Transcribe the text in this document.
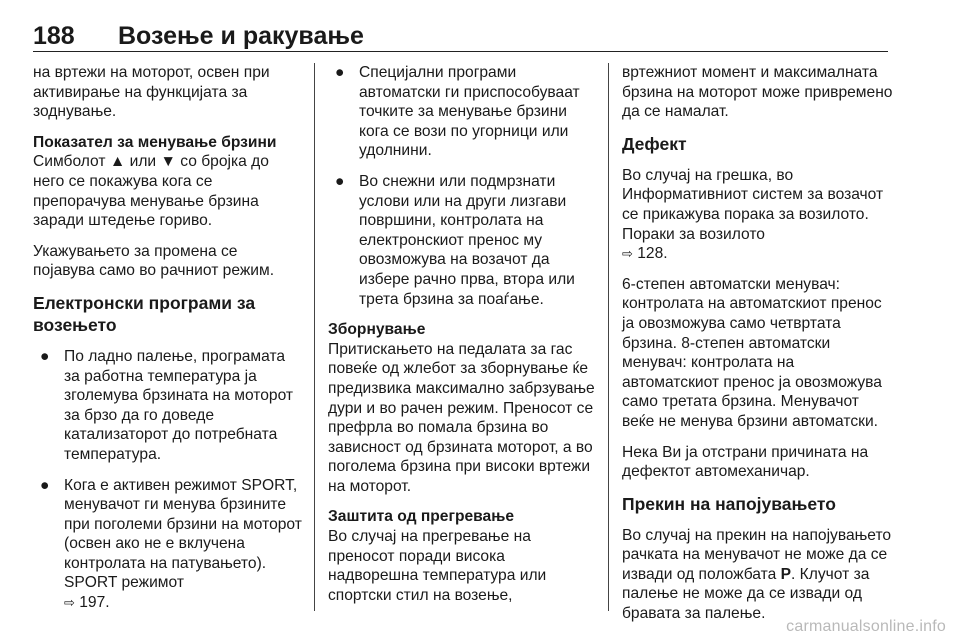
188 Возење и ракување

на вртежи на моторот, освен при активирање на функцијата за зоднување.

Показател за менување брзини

Симболот ▲ или ▼ со бројка до него се покажува кога се препорачува менување брзина заради штедење гориво.

Укажувањето за промена се појавува само во рачниот режим.

Електронски програми за возењето
● По ладно палење, програмата за работна температура ја зголемува брзината на моторот за брзо да го доведе катализаторот до потребната температура.
● Кога е активен режимот SPORT, менувачот ги менува брзините при поголеми брзини на моторот (освен ако не е вклучена контролата на патувањето). SPORT режимот
⇨ 197.
● Специјални програми автоматски ги приспособуваат точките за менување брзини кога се вози по угорници или удолнини.
● Во снежни или подмрзнати услови или на други лизгави површини, контролата на електронскиот пренос му овозможува на возачот да избере рачно прва, втора или трета брзина за поаѓање.
Зборнување

Притискањето на педалата за гас повеќе од жлебот за зборнување ќе предизвика максимално забрзување дури и во рачен режим. Преносот се префрла во помала брзина во зависност од брзината моторот, а во поголема брзина при високи вртежи на моторот.

Заштита од прегревање

Во случај на прегревање на преносот поради висока надворешна температура или спортски стил на возење,

вртежниот момент и максималната брзина на моторот може привремено да се намалат.

Дефект

Во случај на грешка, во Информативниот систем за возачот се прикажува порака за возилото. Пораки за возилото
⇨ 128.

6-степен автоматски менувач: контролата на автоматскиот пренос ја овозможува само четвртата брзина. 8-степен автоматски менувач: контролата на автоматскиот пренос ја овозможува само третата брзина. Менувачот веќе не менува брзини автоматски.

Нека Ви ја отстрани причината на дефектот автомеханичар.

Прекин на напојувањето

Во случај на прекин на напојувањето рачката на менувачот не може да се извади од положбата P. Клучот за палење не може да се извади од бравата за палење.

carmanualsonline.info
